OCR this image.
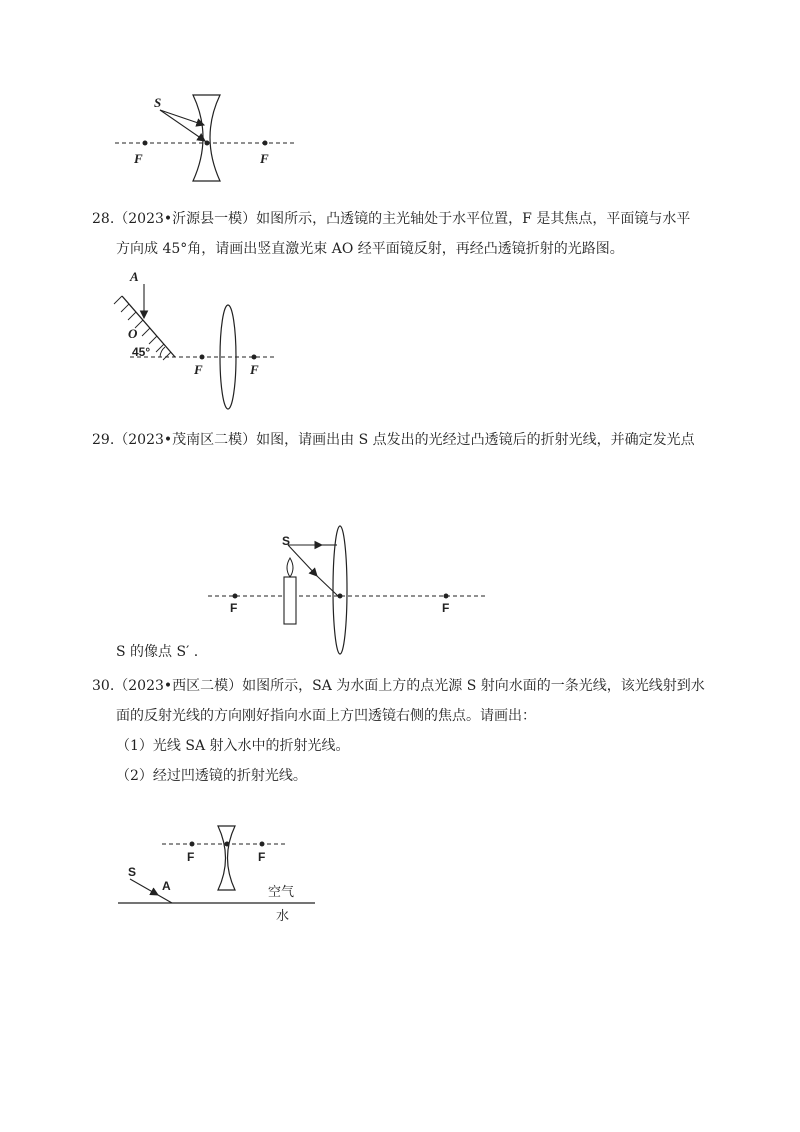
S
F	F
28.（2023•沂源县一模）如图所示，凸透镜的主光轴处于水平位置，F 是其焦点，平面镜与水平
方向成 45°角，请画出竖直激光束 AO 经平面镜反射，再经凸透镜折射的光路图。
A
O
45°
F	F
29.（2023•茂南区二模）如图，请画出由 S 点发出的光经过凸透镜后的折射光线，并确定发光点
S
F	F
S 的像点 S′ .
30.（2023•西区二模）如图所示，SA 为水面上方的点光源 S 射向水面的一条光线，该光线射到水
面的反射光线的方向刚好指向水面上方凹透镜右侧的焦点。请画出：
（1）光线 SA 射入水中的折射光线。
（2）经过凹透镜的折射光线。
S
A
F	F
空气
水
